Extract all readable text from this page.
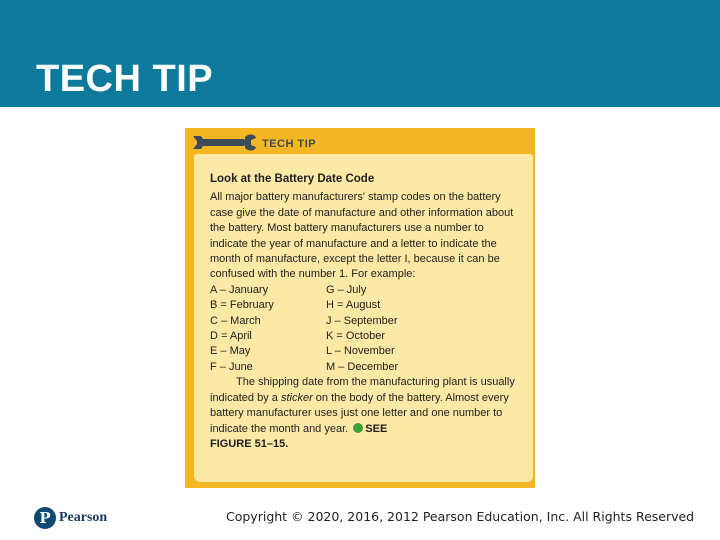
TECH TIP
TECH TIP
Look at the Battery Date Code
All major battery manufacturers' stamp codes on the battery case give the date of manufacture and other information about the battery. Most battery manufacturers use a number to indicate the year of manufacture and a letter to indicate the month of manufacture, except the letter I, because it can be confused with the number 1. For example:
A – January	G – July
B = February	H = August
C – March	J – September
D = April	K = October
E – May	L – November
F – June	M – December
The shipping date from the manufacturing plant is usually indicated by a sticker on the body of the battery. Almost every battery manufacturer uses just one letter and one number to indicate the month and year. SEE
FIGURE 51–15.
P Pearson	Copyright © 2020, 2016, 2012 Pearson Education, Inc. All Rights Reserved
